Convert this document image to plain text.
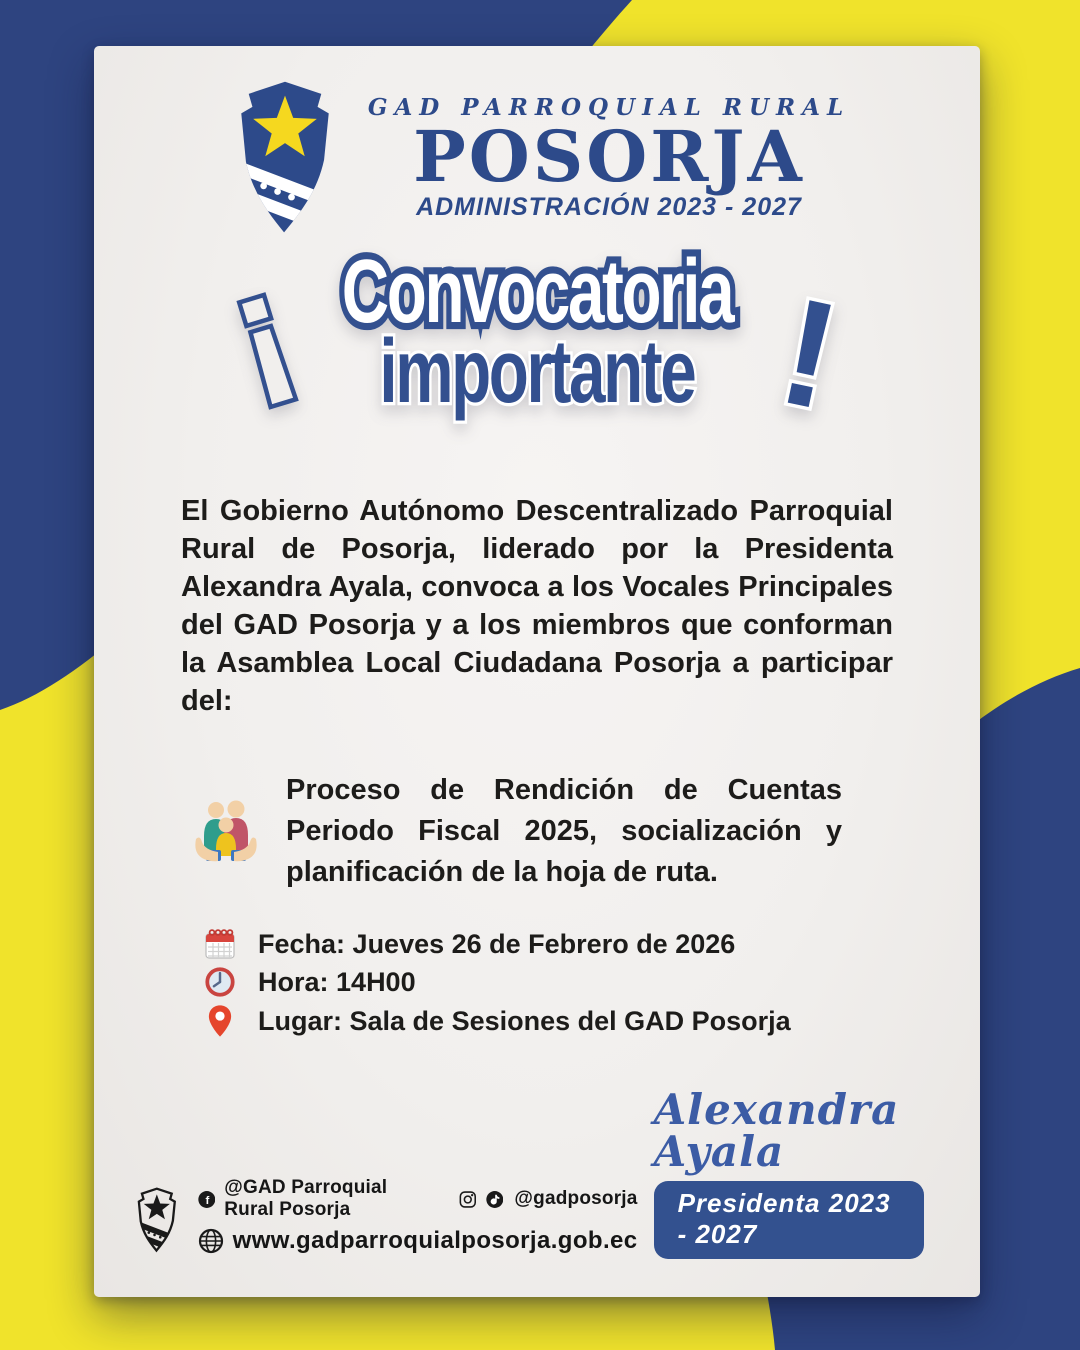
GAD PARROQUIAL RURAL
POSORJA
ADMINISTRACIÓN 2023 - 2027
¡ ¡ Convocatoria Convocatoria
importante importante ! !

El Gobierno Autónomo Descentralizado Parroquial Rural de Posorja, liderado por la Presidenta Alexandra Ayala, convoca a los Vocales Principales del GAD Posorja y a los miembros que conforman la Asamblea Local Ciudadana Posorja a participar del:

Proceso de Rendición de Cuentas Periodo Fiscal 2025, socialización y planificación de la hoja de ruta.

Fecha: Jueves 26 de Febrero de 2026
Hora: 14H00
Lugar: Sala de Sesiones del GAD Posorja
f
@GAD Parroquial Rural Posorja
@gadposorja
www.gadparroquialposorja.gob.ec
Alexandra Ayala
Presidenta 2023 - 2027
